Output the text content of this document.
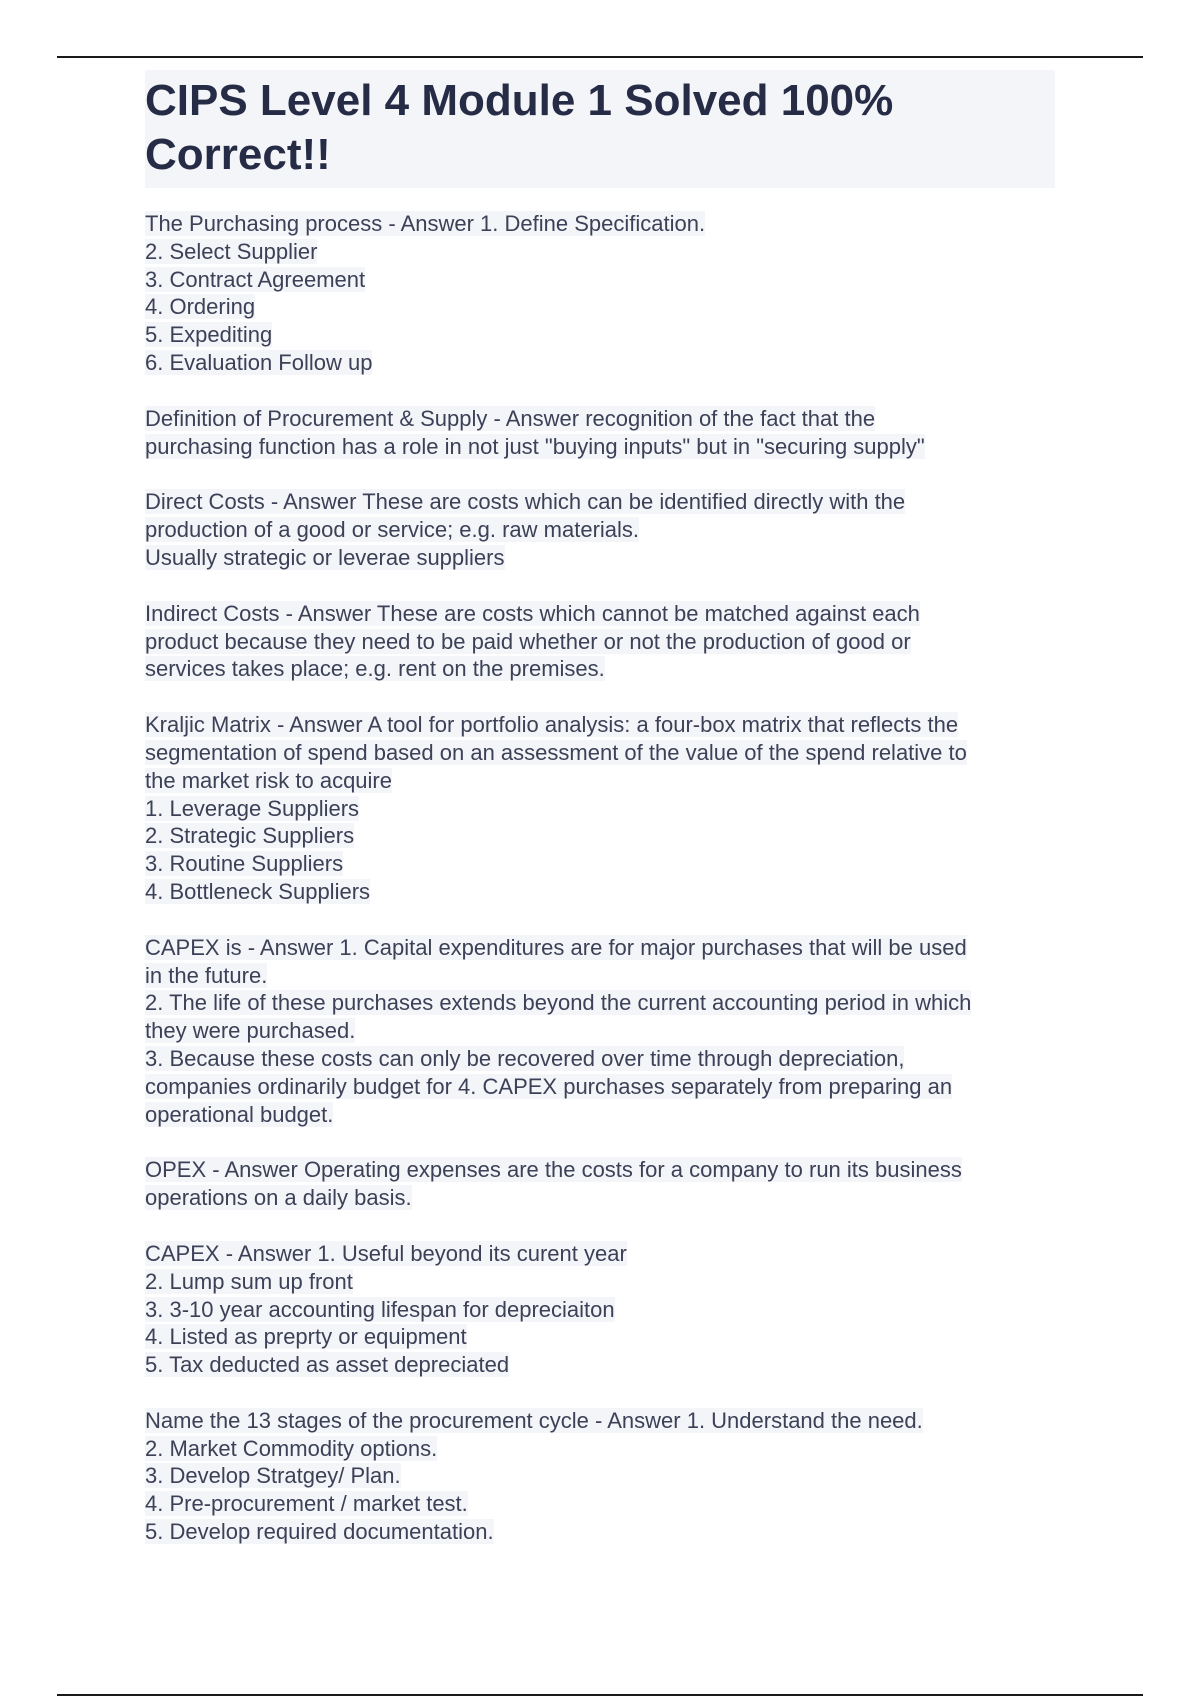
CIPS Level 4 Module 1 Solved 100% Correct!!
The Purchasing process - Answer 1. Define Specification.
2. Select Supplier
3. Contract Agreement
4. Ordering
5. Expediting
6. Evaluation Follow up
Definition of Procurement & Supply - Answer recognition of the fact that the
purchasing function has a role in not just "buying inputs" but in "securing supply"
Direct Costs - Answer These are costs which can be identified directly with the
production of a good or service; e.g. raw materials.
Usually strategic or leverae suppliers
Indirect Costs - Answer These are costs which cannot be matched against each
product because they need to be paid whether or not the production of good or
services takes place; e.g. rent on the premises.
Kraljic Matrix - Answer A tool for portfolio analysis: a four-box matrix that reflects the
segmentation of spend based on an assessment of the value of the spend relative to
the market risk to acquire
1. Leverage Suppliers
2. Strategic Suppliers
3. Routine Suppliers
4. Bottleneck Suppliers
CAPEX is - Answer 1. Capital expenditures are for major purchases that will be used
in the future.
2. The life of these purchases extends beyond the current accounting period in which
they were purchased.
3. Because these costs can only be recovered over time through depreciation,
companies ordinarily budget for 4. CAPEX purchases separately from preparing an
operational budget.
OPEX - Answer Operating expenses are the costs for a company to run its business
operations on a daily basis.
CAPEX - Answer 1. Useful beyond its curent year
2. Lump sum up front
3. 3-10 year accounting lifespan for depreciaiton
4. Listed as preprty or equipment
5. Tax deducted as asset depreciated
Name the 13 stages of the procurement cycle - Answer 1. Understand the need.
2. Market Commodity options.
3. Develop Stratgey/ Plan.
4. Pre-procurement / market test.
5. Develop required documentation.
